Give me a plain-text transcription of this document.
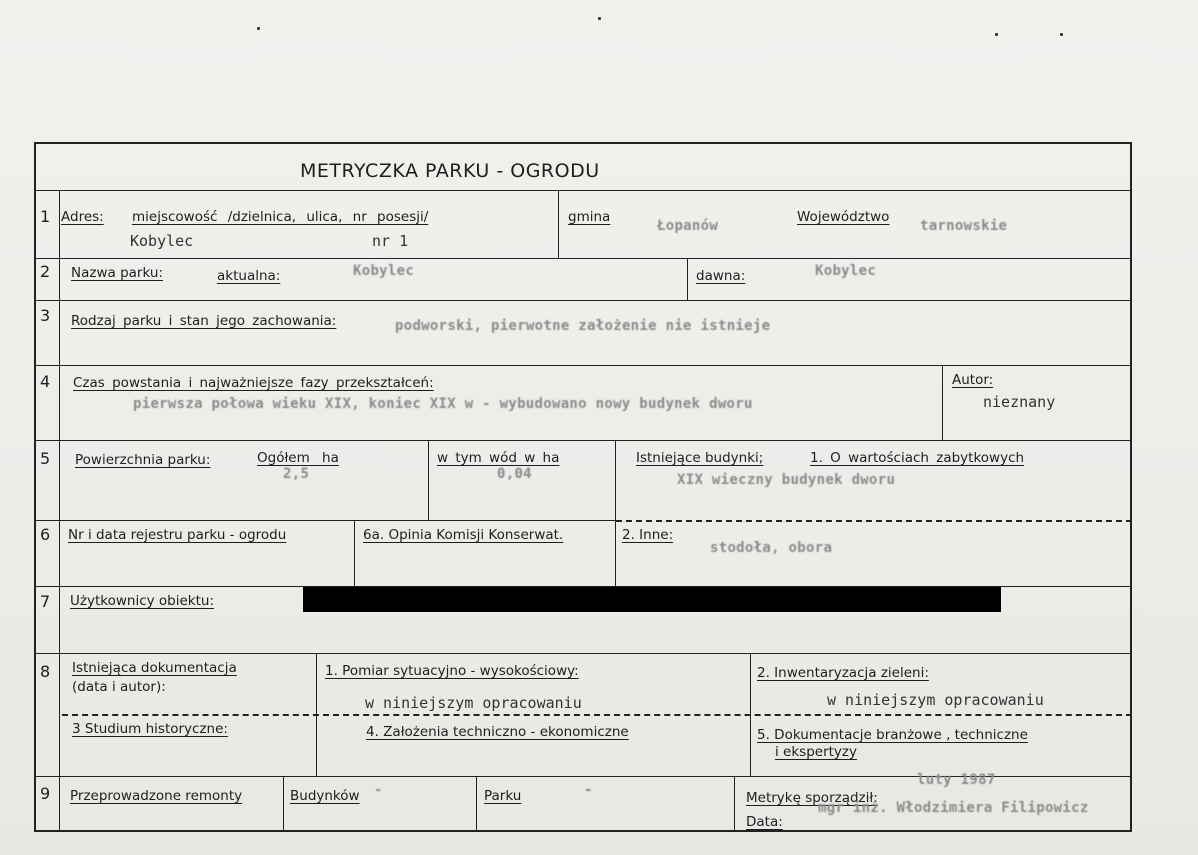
METRYCZKA PARKU - OGRODU
1 Adres: miejscowość /dzielnica, ulica, nr posesji/
Kobylec	nr 1
gmina
Łopanów
Województwo
tarnowskie
2 Nazwa parku:	aktualna:	Kobylec	dawna:	Kobylec
3 Rodzaj parku i stan jego zachowania:	podworski, pierwotne założenie nie istnieje
4 Czas powstania i najważniejsze fazy przekształceń:
pierwsza połowa wieku XIX, koniec XIX w - wybudowano nowy budynek dworu
Autor:
nieznany
5 Powierzchnia parku:	Ogółem ha
2,5
w tym wód w ha
0,04
Istniejące budynki;	1. O wartościach zabytkowych
XIX wieczny budynek dworu
6 Nr i data rejestru parku - ogrodu	6a. Opinia Komisji Konserwat.	2. Inne:
stodoła, obora
7 Użytkownicy obiektu:
8 Istniejąca dokumentacja
(data i autor):
1. Pomiar sytuacyjno - wysokościowy:
w niniejszym opracowaniu
2. Inwentaryzacja zieleni:
w niniejszym opracowaniu
3 Studium historyczne:	4. Założenia techniczno - ekonomiczne	5. Dokumentacje branżowe , techniczne
i ekspertyzy
9 Przeprowadzone remonty	Budynków -	Parku	-	Metrykę sporządził:
luty 1987
mgr inż. Włodzimiera Filipowicz
Data:
